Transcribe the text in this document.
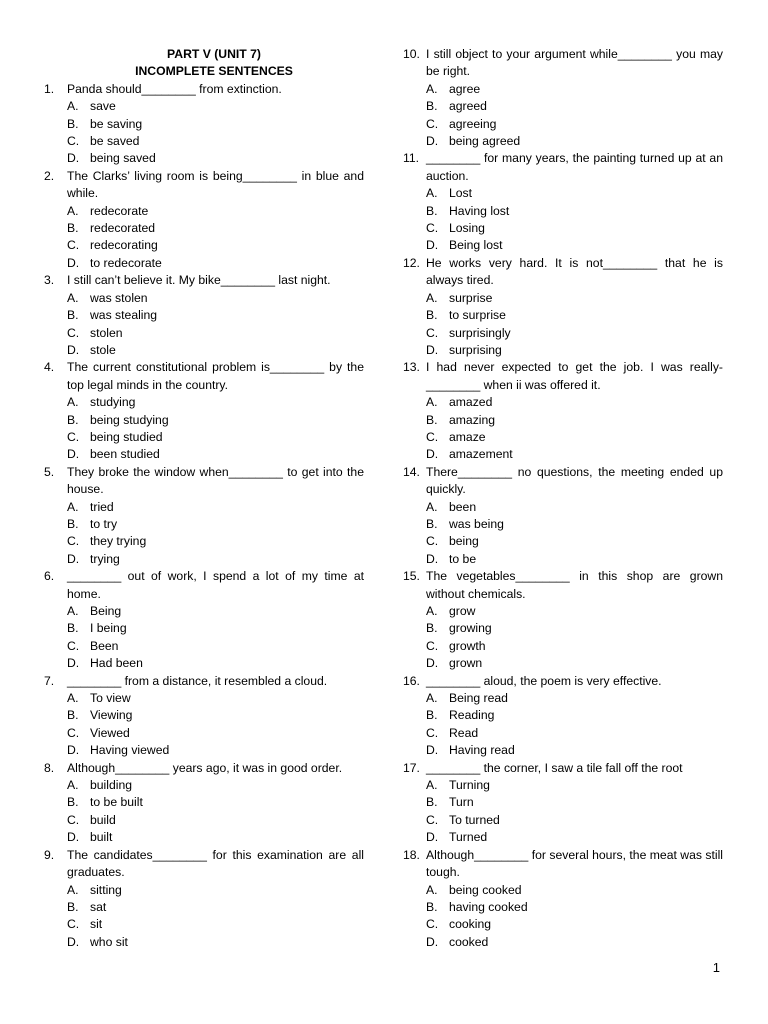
PART V (UNIT 7)
INCOMPLETE SENTENCES
1.	Panda should________ from extinction.
A. save
B. be saving
C. be saved
D. being saved
2.	The Clarks’ living room is being________ in blue and while.
A. redecorate
B. redecorated
C. redecorating
D. to redecorate
3.	I still can’t believe it. My bike________ last night.
A. was stolen
B. was stealing
C. stolen
D. stole
4.	The current constitutional problem is________ by the top legal minds in the country.
A. studying
B. being studying
C. being studied
D. been studied
5.	They broke the window when________ to get into the house.
A. tried
B. to try
C. they trying
D. trying
6.	________ out of work, I spend a lot of my time at home.
A. Being
B. I being
C. Been
D. Had been
7.	________ from a distance, it resembled a cloud.
A. To view
B. Viewing
C. Viewed
D. Having viewed
8.	Although________ years ago, it was in good order.
A. building
B. to be built
C. build
D. built
9.	The candidates________ for this examination are all graduates.
A. sitting
B. sat
C. sit
D. who sit
10. I still object to your argument while________ you may be right.
A. agree
B. agreed
C. agreeing
D. being agreed
11. ________ for many years, the painting turned up at an auction.
A. Lost
B. Having lost
C. Losing
D. Being lost
12. He works very hard. It is not________ that he is always tired.
A. surprise
B. to surprise
C. surprisingly
D. surprising
13. I had never expected to get the job. I was really-________ when ii was offered it.
A. amazed
B. amazing
C. amaze
D. amazement
14. There________ no questions, the meeting ended up quickly.
A. been
B. was being
C. being
D. to be
15. The vegetables________ in this shop are grown without chemicals.
A. grow
B. growing
C. growth
D. grown
16. ________ aloud, the poem is very effective.
A. Being read
B. Reading
C. Read
D. Having read
17. ________ the corner, I saw a tile fall off the root
A. Turning
B. Turn
C. To turned
D. Turned
18. Although________ for several hours, the meat was still tough.
A. being cooked
B. having cooked
C. cooking
D. cooked
1
